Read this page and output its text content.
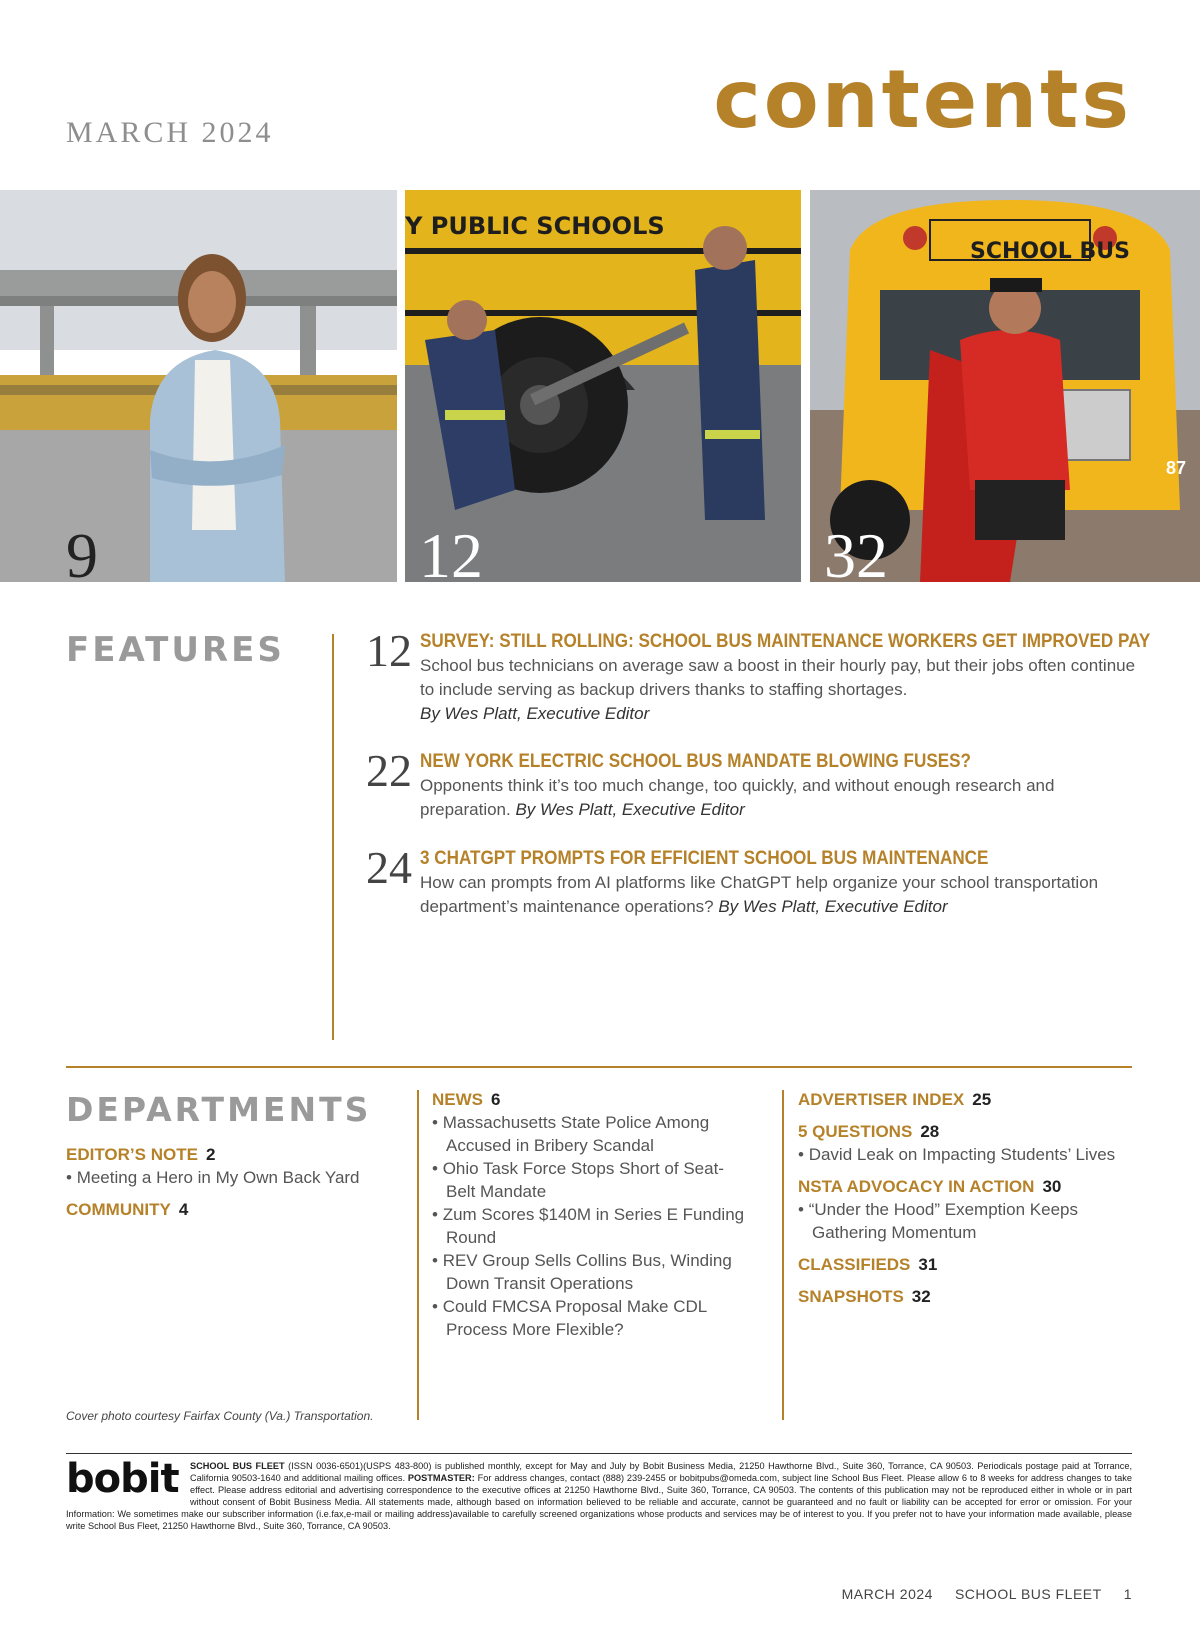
MARCH 2024	contents
9
Y PUBLIC SCHOOLS
12
SCHOOL BUS
87
32
FEATURES	12 SURVEY: STILL ROLLING: SCHOOL BUS MAINTENANCE WORKERS GET IMPROVED PAY
School bus technicians on average saw a boost in their hourly pay, but their jobs often continue to include serving as backup drivers thanks to staffing shortages.
By Wes Platt, Executive Editor
22 NEW YORK ELECTRIC SCHOOL BUS MANDATE BLOWING FUSES?
Opponents think it’s too much change, too quickly, and without enough research and preparation. By Wes Platt, Executive Editor
24 3 CHATGPT PROMPTS FOR EFFICIENT SCHOOL BUS MAINTENANCE
How can prompts from AI platforms like ChatGPT help organize your school transportation department’s maintenance operations? By Wes Platt, Executive Editor
DEPARTMENTS
EDITOR’S NOTE 2
• Meeting a Hero in My Own Back Yard
COMMUNITY 4
NEWS 6
• Massachusetts State Police Among Accused in Bribery Scandal
• Ohio Task Force Stops Short of Seat-Belt Mandate
• Zum Scores $140M in Series E Funding Round
• REV Group Sells Collins Bus, Winding Down Transit Operations
• Could FMCSA Proposal Make CDL Process More Flexible?
ADVERTISER INDEX 25
5 QUESTIONS 28
• David Leak on Impacting Students’ Lives
NSTA ADVOCACY IN ACTION 30
• “Under the Hood” Exemption Keeps Gathering Momentum
CLASSIFIEDS 31
SNAPSHOTS 32
Cover photo courtesy Fairfax County (Va.) Transportation.
bobit	SCHOOL BUS FLEET (ISSN 0036-6501)(USPS 483-800) is published monthly, except for May and July by Bobit Business Media, 21250 Hawthorne Blvd., Suite 360, Torrance, CA 90503. Periodicals postage paid at Torrance, California 90503-1640 and additional mailing offices. POSTMASTER: For address changes, contact (888) 239-2455 or bobitpubs@omeda.com, subject line School Bus Fleet. Please allow 6 to 8 weeks for address changes to take effect. Please address editorial and advertising correspondence to the executive offices at 21250 Hawthorne Blvd., Suite 360, Torrance, CA 90503. The contents of this publication may not be reproduced either in whole or in part without consent of Bobit Business Media. All statements made, although based on information believed to be reliable and accurate, cannot be guaranteed and no fault or liability can be accepted for error or omission. For your Information: We sometimes make our subscriber information (i.e.fax,e-mail or mailing address)available to carefully screened organizations whose products and services may be of interest to you. If you prefer not to have your information made available, please write School Bus Fleet, 21250 Hawthorne Blvd., Suite 360, Torrance, CA 90503.
MARCH 2024 SCHOOL BUS FLEET 1
